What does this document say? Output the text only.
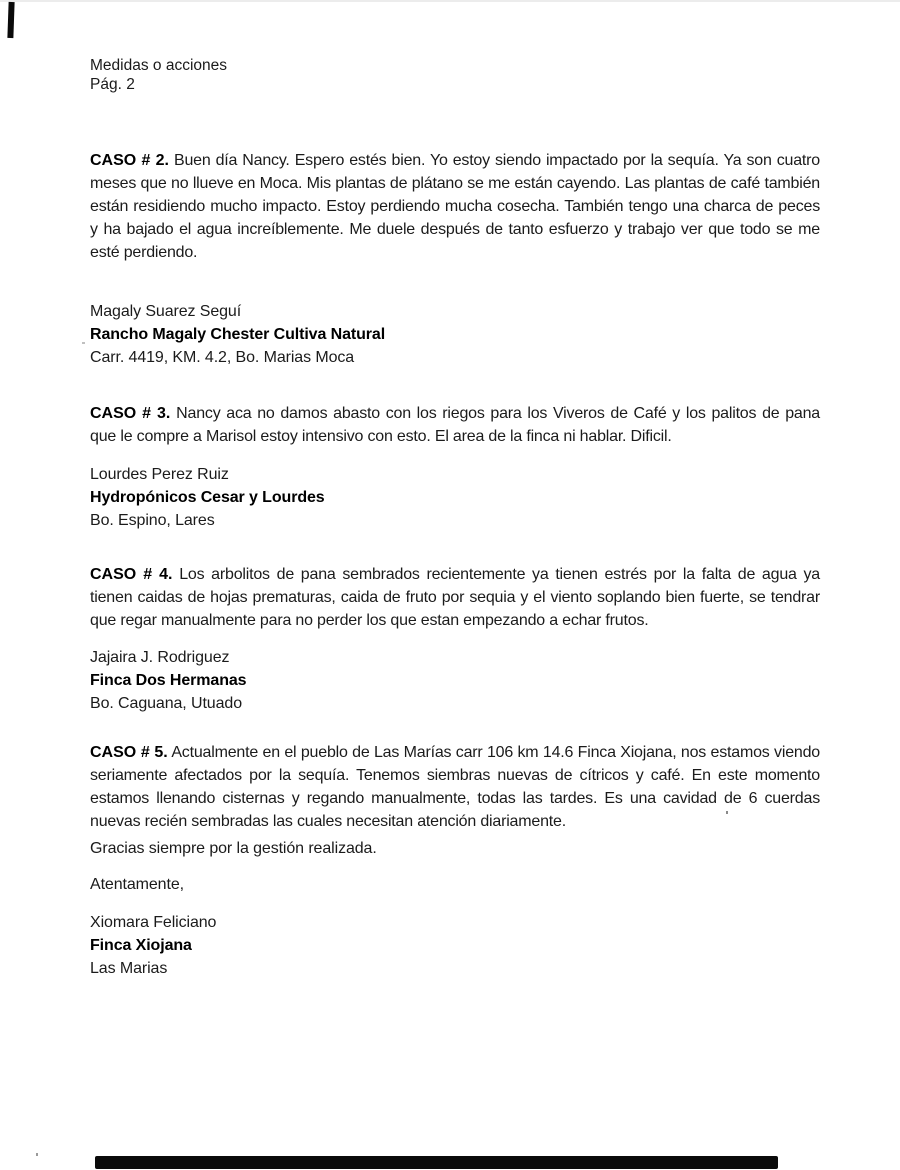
Medidas o acciones
Pág. 2

CASO # 2. Buen día Nancy. Espero estés bien. Yo estoy siendo impactado por la sequía. Ya son cuatro meses que no llueve en Moca. Mis plantas de plátano se me están cayendo. Las plantas de café también están residiendo mucho impacto. Estoy perdiendo mucha cosecha. También tengo una charca de peces y ha bajado el agua increíblemente. Me duele después de tanto esfuerzo y trabajo ver que todo se me esté perdiendo.

Magaly Suarez Seguí
Rancho Magaly Chester Cultiva Natural
Carr. 4419, KM. 4.2, Bo. Marias Moca

CASO # 3. Nancy aca no damos abasto con los riegos para los Viveros de Café y los palitos de pana que le compre a Marisol estoy intensivo con esto. El area de la finca ni hablar. Dificil.

Lourdes Perez Ruiz
Hydropónicos Cesar y Lourdes
Bo. Espino, Lares

CASO # 4. Los arbolitos de pana sembrados recientemente ya tienen estrés por la falta de agua ya tienen caidas de hojas prematuras, caida de fruto por sequia y el viento soplando bien fuerte, se tendrar que regar manualmente para no perder los que estan empezando a echar frutos.

Jajaira J. Rodriguez
Finca Dos Hermanas
Bo. Caguana, Utuado

CASO # 5. Actualmente en el pueblo de Las Marías carr 106 km 14.6 Finca Xiojana, nos estamos viendo seriamente afectados por la sequía. Tenemos siembras nuevas de cítricos y café. En este momento estamos llenando cisternas y regando manualmente, todas las tardes. Es una cavidad de 6 cuerdas nuevas recién sembradas las cuales necesitan atención diariamente.

Gracias siempre por la gestión realizada.
Atentamente,
Xiomara Feliciano
Finca Xiojana
Las Marias
